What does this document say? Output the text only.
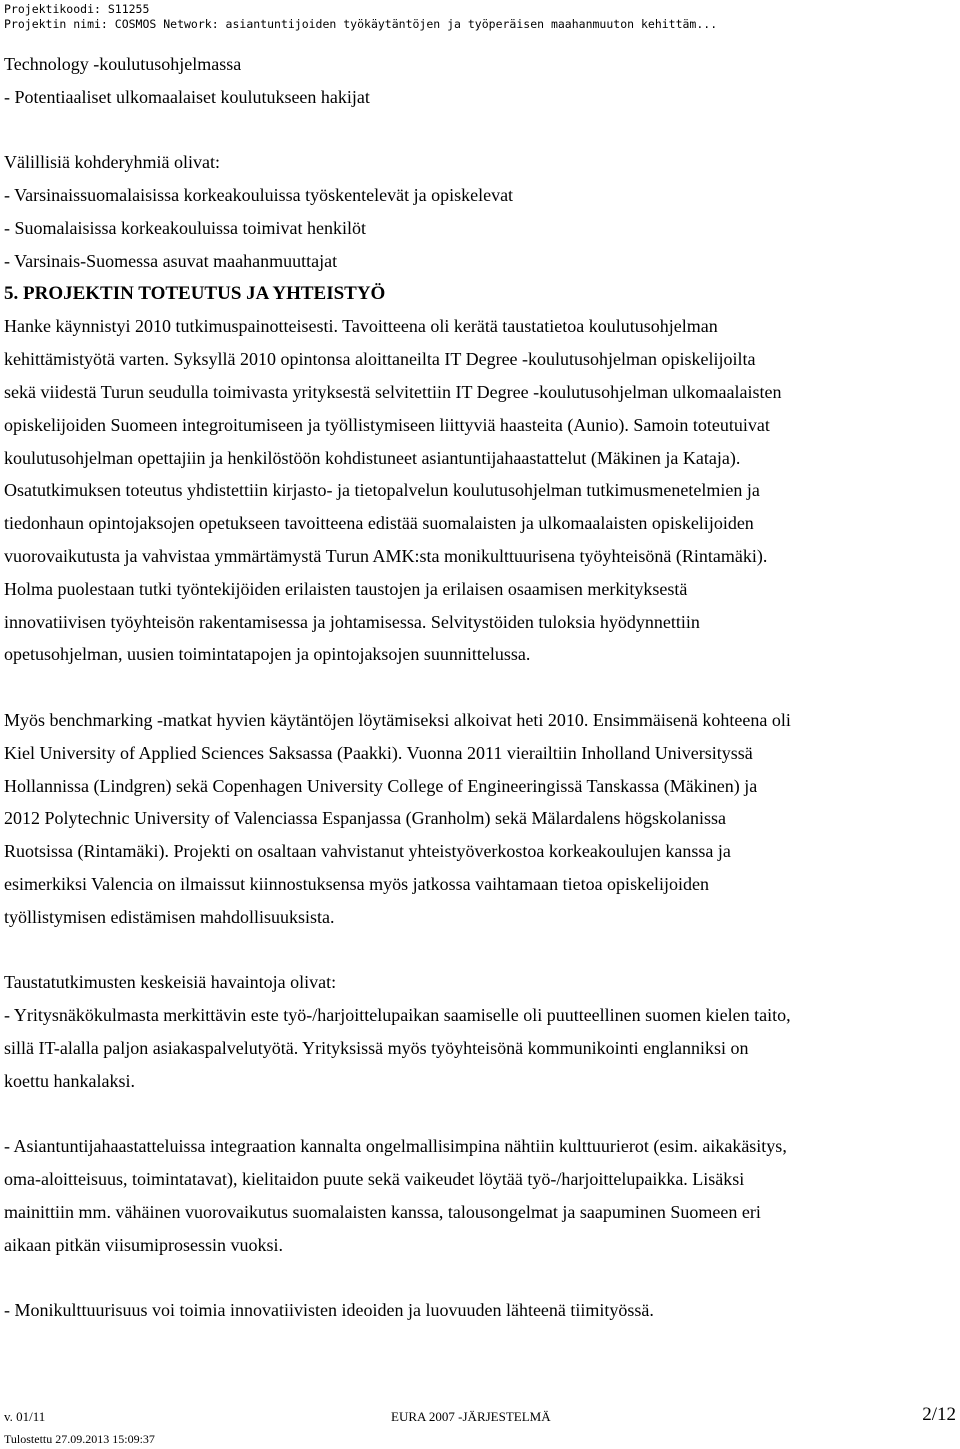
Projektikoodi: S11255
Projektin nimi: COSMOS Network: asiantuntijoiden työkäytäntöjen ja työperäisen maahanmuuton kehittäm...

Technology -koulutusohjelmassa

- Potentiaaliset ulkomaalaiset koulutukseen hakijat

Välillisiä kohderyhmiä olivat:

- Varsinaissuomalaisissa korkeakouluissa työskentelevät ja opiskelevat

- Suomalaisissa korkeakouluissa toimivat henkilöt

- Varsinais-Suomessa asuvat maahanmuuttajat

5. PROJEKTIN TOTEUTUS JA YHTEISTYÖ

Hanke käynnistyi 2010 tutkimuspainotteisesti. Tavoitteena oli kerätä taustatietoa koulutusohjelman

kehittämistyötä varten. Syksyllä 2010 opintonsa aloittaneilta IT Degree -koulutusohjelman opiskelijoilta

sekä viidestä Turun seudulla toimivasta yrityksestä selvitettiin IT Degree -koulutusohjelman ulkomaalaisten

opiskelijoiden Suomeen integroitumiseen ja työllistymiseen liittyviä haasteita (Aunio). Samoin toteutuivat

koulutusohjelman opettajiin ja henkilöstöön kohdistuneet asiantuntijahaastattelut (Mäkinen ja Kataja).

Osatutkimuksen toteutus yhdistettiin kirjasto- ja tietopalvelun koulutusohjelman tutkimusmenetelmien ja

tiedonhaun opintojaksojen opetukseen tavoitteena edistää suomalaisten ja ulkomaalaisten opiskelijoiden

vuorovaikutusta ja vahvistaa ymmärtämystä Turun AMK:sta monikulttuurisena työyhteisönä (Rintamäki).

Holma puolestaan tutki työntekijöiden erilaisten taustojen ja erilaisen osaamisen merkityksestä

innovatiivisen työyhteisön rakentamisessa ja johtamisessa. Selvitystöiden tuloksia hyödynnettiin

opetusohjelman, uusien toimintatapojen ja opintojaksojen suunnittelussa.

Myös benchmarking -matkat hyvien käytäntöjen löytämiseksi alkoivat heti 2010. Ensimmäisenä kohteena oli

Kiel University of Applied Sciences Saksassa (Paakki). Vuonna 2011 vierailtiin Inholland Universityssä

Hollannissa (Lindgren) sekä Copenhagen University College of Engineeringissä Tanskassa (Mäkinen) ja

2012 Polytechnic University of Valenciassa Espanjassa (Granholm) sekä Mälardalens högskolanissa

Ruotsissa (Rintamäki). Projekti on osaltaan vahvistanut yhteistyöverkostoa korkeakoulujen kanssa ja

esimerkiksi Valencia on ilmaissut kiinnostuksensa myös jatkossa vaihtamaan tietoa opiskelijoiden

työllistymisen edistämisen mahdollisuuksista.

Taustatutkimusten keskeisiä havaintoja olivat:

- Yritysnäkökulmasta merkittävin este työ-/harjoittelupaikan saamiselle oli puutteellinen suomen kielen taito,

sillä IT-alalla paljon asiakaspalvelutyötä. Yrityksissä myös työyhteisönä kommunikointi englanniksi on

koettu hankalaksi.

- Asiantuntijahaastatteluissa integraation kannalta ongelmallisimpina nähtiin kulttuurierot (esim. aikakäsitys,

oma-aloitteisuus, toimintatavat), kielitaidon puute sekä vaikeudet löytää työ-/harjoittelupaikka. Lisäksi

mainittiin mm. vähäinen vuorovaikutus suomalaisten kanssa, talousongelmat ja saapuminen Suomeen eri

aikaan pitkän viisumiprosessin vuoksi.

- Monikulttuurisuus voi toimia innovatiivisten ideoiden ja luovuuden lähteenä tiimityössä.

v. 01/11	EURA 2007 -JÄRJESTELMÄ	2/12
Tulostettu 27.09.2013 15:09:37
